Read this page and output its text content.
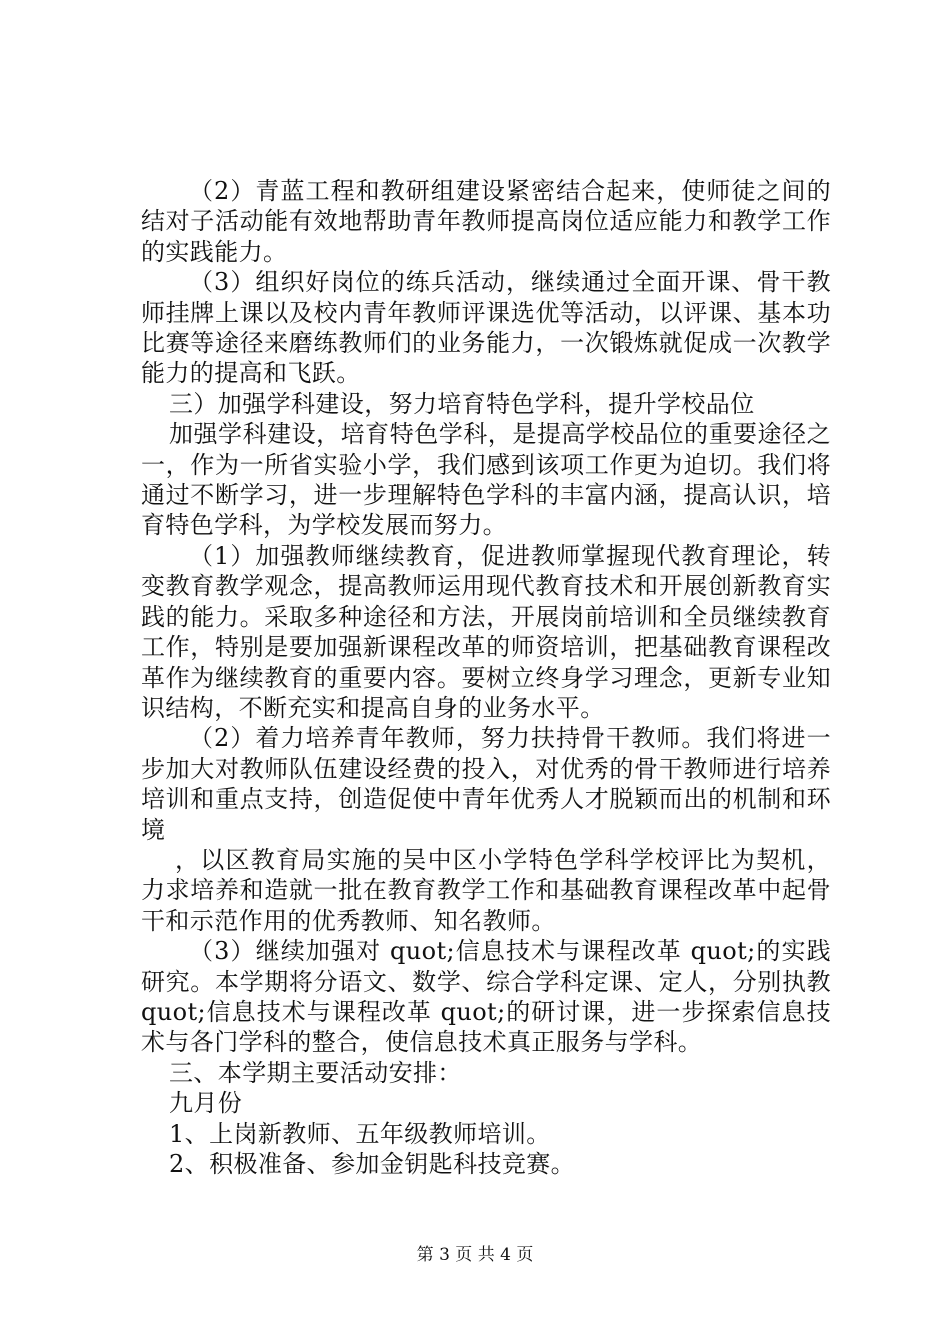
（2）青蓝工程和教研组建设紧密结合起来，使师徒之间的结对子活动能有效地帮助青年教师提高岗位适应能力和教学工作的实践能力。

（3）组织好岗位的练兵活动，继续通过全面开课、骨干教师挂牌上课以及校内青年教师评课选优等活动，以评课、基本功比赛等途径来磨练教师们的业务能力，一次锻炼就促成一次教学能力的提高和飞跃。

三）加强学科建设，努力培育特色学科，提升学校品位

加强学科建设，培育特色学科，是提高学校品位的重要途径之一，作为一所省实验小学，我们感到该项工作更为迫切。我们将通过不断学习，进一步理解特色学科的丰富内涵，提高认识，培育特色学科，为学校发展而努力。

（1）加强教师继续教育，促进教师掌握现代教育理论，转变教育教学观念，提高教师运用现代教育技术和开展创新教育实践的能力。采取多种途径和方法，开展岗前培训和全员继续教育工作，特别是要加强新课程改革的师资培训，把基础教育课程改革作为继续教育的重要内容。要树立终身学习理念，更新专业知识结构，不断充实和提高自身的业务水平。

（2）着力培养青年教师，努力扶持骨干教师。我们将进一步加大对教师队伍建设经费的投入，对优秀的骨干教师进行培养培训和重点支持，创造促使中青年优秀人才脱颖而出的机制和环境

，以区教育局实施的吴中区小学特色学科学校评比为契机，力求培养和造就一批在教育教学工作和基础教育课程改革中起骨干和示范作用的优秀教师、知名教师。

（3）继续加强对 quot;信息技术与课程改革 quot;的实践研究。本学期将分语文、数学、综合学科定课、定人，分别执教 quot;信息技术与课程改革 quot;的研讨课，进一步探索信息技术与各门学科的整合，使信息技术真正服务与学科。

三、本学期主要活动安排：

九月份

1、上岗新教师、五年级教师培训。

2、积极准备、参加金钥匙科技竞赛。

第 3 页 共 4 页
